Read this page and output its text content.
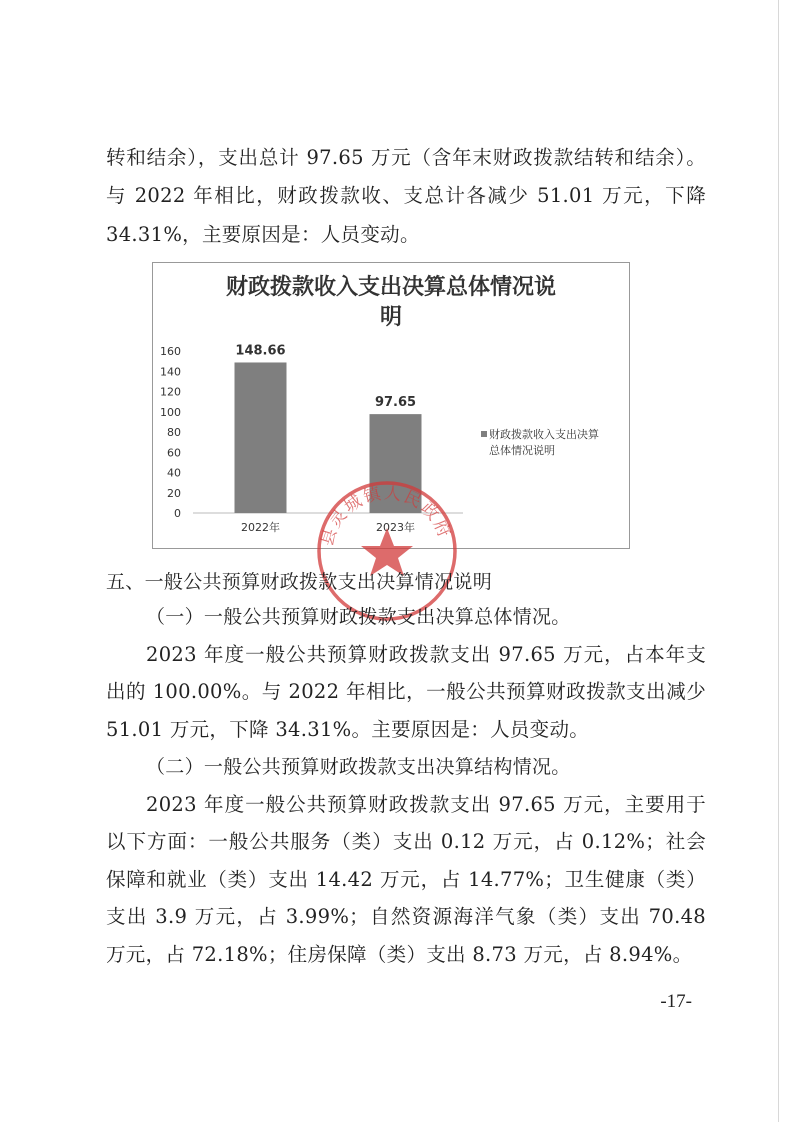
转和结余），支出总计 97.65 万元（含年末财政拨款结转和结余）。
与 2022 年相比，财政拨款收、支总计各减少 51.01 万元，下降
34.31%，主要原因是：人员变动。
财政拨款收入支出决算总体情况说
明
0
20
40
60
80
100
120
140
160	148.66
2022年
97.65
2023年
财政拨款收入支出决算
总体情况说明
县灵城镇人民政府
五、一般公共预算财政拨款支出决算情况说明
（一）一般公共预算财政拨款支出决算总体情况。
2023 年度一般公共预算财政拨款支出 97.65 万元，占本年支
出的 100.00%。与 2022 年相比，一般公共预算财政拨款支出减少
51.01 万元，下降 34.31%。主要原因是：人员变动。
（二）一般公共预算财政拨款支出决算结构情况。
2023 年度一般公共预算财政拨款支出 97.65 万元，主要用于
以下方面：一般公共服务（类）支出 0.12 万元，占 0.12%；社会
保障和就业（类）支出 14.42 万元，占 14.77%；卫生健康（类）
支出 3.9 万元，占 3.99%；自然资源海洋气象（类）支出 70.48
万元，占 72.18%；住房保障（类）支出 8.73 万元，占 8.94%。
-17-
